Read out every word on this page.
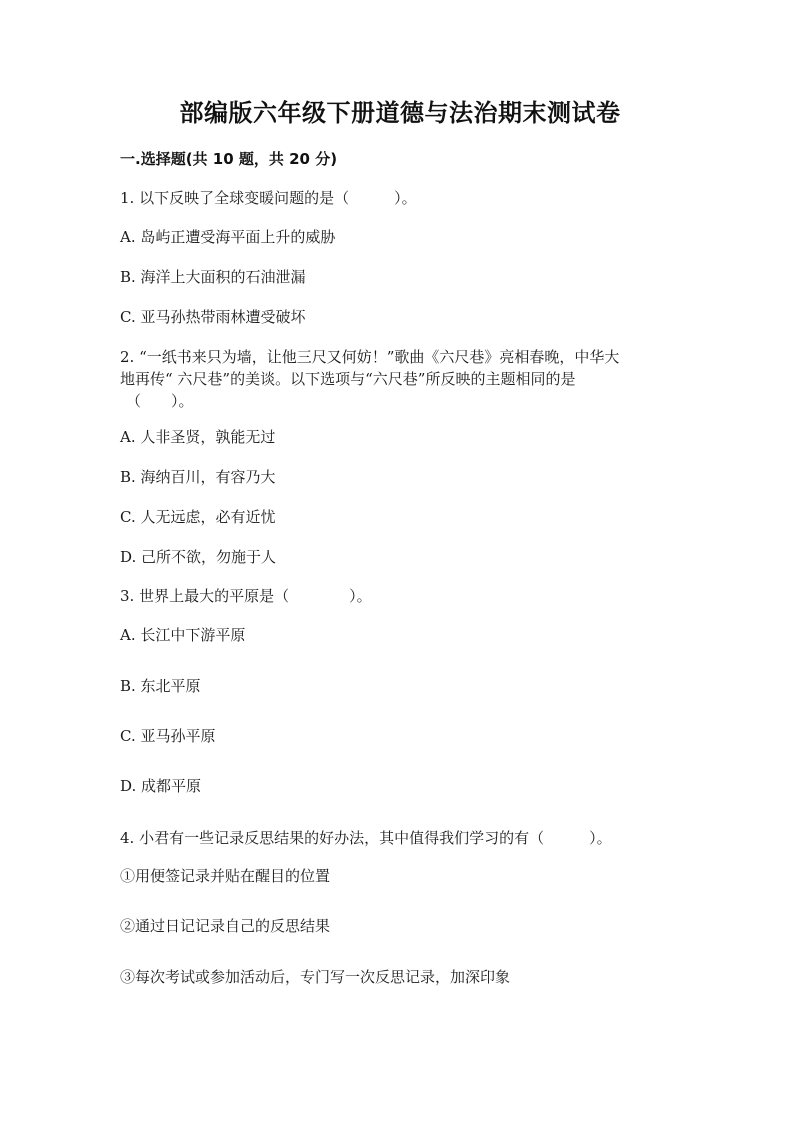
部编版六年级下册道德与法治期末测试卷
一.选择题(共 10 题，共 20 分)
1. 以下反映了全球变暖问题的是（　　　）。
A. 岛屿正遭受海平面上升的威胁
B. 海洋上大面积的石油泄漏
C. 亚马孙热带雨林遭受破坏
2. “一纸书来只为墙，让他三尺又何妨！”歌曲《六尺巷》亮相春晚，中华大
地再传“ 六尺巷”的美谈。以下选项与“六尺巷”所反映的主题相同的是
（　　）。
A. 人非圣贤，孰能无过
B. 海纳百川，有容乃大
C. 人无远虑，必有近忧
D. 己所不欲，勿施于人
3. 世界上最大的平原是（　　　　）。
A. 长江中下游平原
B. 东北平原
C. 亚马孙平原
D. 成都平原
4. 小君有一些记录反思结果的好办法，其中值得我们学习的有（　　　）。
①用便签记录并贴在醒目的位置
②通过日记记录自己的反思结果
③每次考试或参加活动后，专门写一次反思记录，加深印象
